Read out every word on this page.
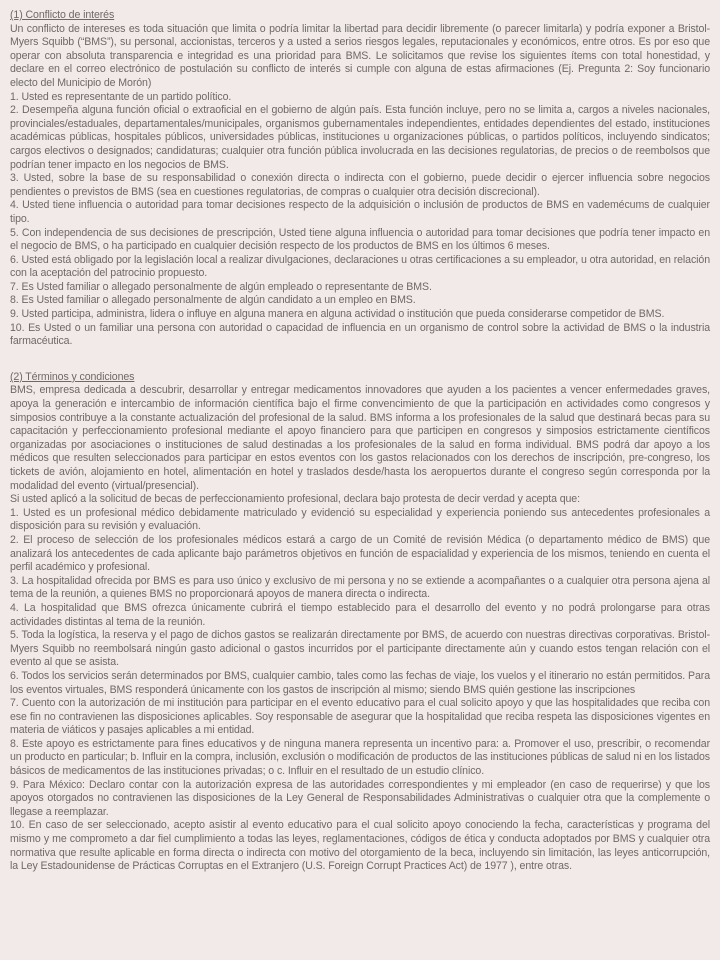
(1) Conflicto de interés

Un conflicto de intereses es toda situación que limita o podría limitar la libertad para decidir libremente (o parecer limitarla) y podría exponer a Bristol-Myers Squibb (“BMS”), su personal, accionistas, terceros y a usted a serios riesgos legales, reputacionales y económicos, entre otros. Es por eso que operar con absoluta transparencia e integridad es una prioridad para BMS. Le solicitamos que revise los siguientes ítems con total honestidad, y declare en el correo electrónico de postulación su conflicto de interés si cumple con alguna de estas afirmaciones (Ej. Pregunta 2: Soy funcionario electo del Municipio de Morón)

1. Usted es representante de un partido político.

2. Desempeña alguna función oficial o extraoficial en el gobierno de algún país. Esta función incluye, pero no se limita a, cargos a niveles nacionales, provinciales/estaduales, departamentales/municipales, organismos gubernamentales independientes, entidades dependientes del estado, instituciones académicas públicas, hospitales públicos, universidades públicas, instituciones u organizaciones públicas, o partidos políticos, incluyendo sindicatos; cargos electivos o designados; candidaturas; cualquier otra función pública involucrada en las decisiones regulatorias, de precios o de reembolsos que podrían tener impacto en los negocios de BMS.

3. Usted, sobre la base de su responsabilidad o conexión directa o indirecta con el gobierno, puede decidir o ejercer influencia sobre negocios pendientes o previstos de BMS (sea en cuestiones regulatorias, de compras o cualquier otra decisión discrecional).

4. Usted tiene influencia o autoridad para tomar decisiones respecto de la adquisición o inclusión de productos de BMS en vademécums de cualquier tipo.

5. Con independencia de sus decisiones de prescripción, Usted tiene alguna influencia o autoridad para tomar decisiones que podría tener impacto en el negocio de BMS, o ha participado en cualquier decisión respecto de los productos de BMS en los últimos 6 meses.

6. Usted está obligado por la legislación local a realizar divulgaciones, declaraciones u otras certificaciones a su empleador, u otra autoridad, en relación con la aceptación del patrocinio propuesto.

7. Es Usted familiar o allegado personalmente de algún empleado o representante de BMS.

8. Es Usted familiar o allegado personalmente de algún candidato a un empleo en BMS.

9. Usted participa, administra, lidera o influye en alguna manera en alguna actividad o institución que pueda considerarse competidor de BMS.

10. Es Usted o un familiar una persona con autoridad o capacidad de influencia en un organismo de control sobre la actividad de BMS o la industria farmacéutica.

(2) Términos y condiciones

BMS, empresa dedicada a descubrir, desarrollar y entregar medicamentos innovadores que ayuden a los pacientes a vencer enfermedades graves, apoya la generación e intercambio de información científica bajo el firme convencimiento de que la participación en actividades como congresos y simposios contribuye a la constante actualización del profesional de la salud. BMS informa a los profesionales de la salud que destinará becas para su capacitación y perfeccionamiento profesional mediante el apoyo financiero para que participen en congresos y simposios estrictamente científicos organizadas por asociaciones o instituciones de salud destinadas a los profesionales de la salud en forma individual. BMS podrá dar apoyo a los médicos que resulten seleccionados para participar en estos eventos con los gastos relacionados con los derechos de inscripción, pre-congreso, los tickets de avión, alojamiento en hotel, alimentación en hotel y traslados desde/hasta los aeropuertos durante el congreso según corresponda por la modalidad del evento (virtual/presencial).

Si usted aplicó a la solicitud de becas de perfeccionamiento profesional, declara bajo protesta de decir verdad y acepta que:

1. Usted es un profesional médico debidamente matriculado y evidenció su especialidad y experiencia poniendo sus antecedentes profesionales a disposición para su revisión y evaluación.

2. El proceso de selección de los profesionales médicos estará a cargo de un Comité de revisión Médica (o departamento médico de BMS) que analizará los antecedentes de cada aplicante bajo parámetros objetivos en función de espacialidad y experiencia de los mismos, teniendo en cuenta el perfil académico y profesional.

3. La hospitalidad ofrecida por BMS es para uso único y exclusivo de mi persona y no se extiende a acompañantes o a cualquier otra persona ajena al tema de la reunión, a quienes BMS no proporcionará apoyos de manera directa o indirecta.

4. La hospitalidad que BMS ofrezca únicamente cubrirá el tiempo establecido para el desarrollo del evento y no podrá prolongarse para otras actividades distintas al tema de la reunión.

5. Toda la logística, la reserva y el pago de dichos gastos se realizarán directamente por BMS, de acuerdo con nuestras directivas corporativas. Bristol-Myers Squibb no reembolsará ningún gasto adicional o gastos incurridos por el participante directamente aún y cuando estos tengan relación con el evento al que se asista.

6. Todos los servicios serán determinados por BMS, cualquier cambio, tales como las fechas de viaje, los vuelos y el itinerario no están permitidos. Para los eventos virtuales, BMS responderá únicamente con los gastos de inscripción al mismo; siendo BMS quién gestione las inscripciones

7. Cuento con la autorización de mi institución para participar en el evento educativo para el cual solicito apoyo y que las hospitalidades que reciba con ese fin no contravienen las disposiciones aplicables. Soy responsable de asegurar que la hospitalidad que reciba respeta las disposiciones vigentes en materia de viáticos y pasajes aplicables a mi entidad.

8. Este apoyo es estrictamente para fines educativos y de ninguna manera representa un incentivo para: a. Promover el uso, prescribir, o recomendar un producto en particular; b. Influir en la compra, inclusión, exclusión o modificación de productos de las instituciones públicas de salud ni en los listados básicos de medicamentos de las instituciones privadas; o c. Influir en el resultado de un estudio clínico.

9. Para México: Declaro contar con la autorización expresa de las autoridades correspondientes y mi empleador (en caso de requerirse) y que los apoyos otorgados no contravienen las disposiciones de la Ley General de Responsabilidades Administrativas o cualquier otra que la complemente o llegase a reemplazar.

10. En caso de ser seleccionado, acepto asistir al evento educativo para el cual solicito apoyo conociendo la fecha, características y programa del mismo y me comprometo a dar fiel cumplimiento a todas las leyes, reglamentaciones, códigos de ética y conducta adoptados por BMS y cualquier otra normativa que resulte aplicable en forma directa o indirecta con motivo del otorgamiento de la beca, incluyendo sin limitación, las leyes anticorrupción, la Ley Estadounidense de Prácticas Corruptas en el Extranjero (U.S. Foreign Corrupt Practices Act) de 1977 ), entre otras.
